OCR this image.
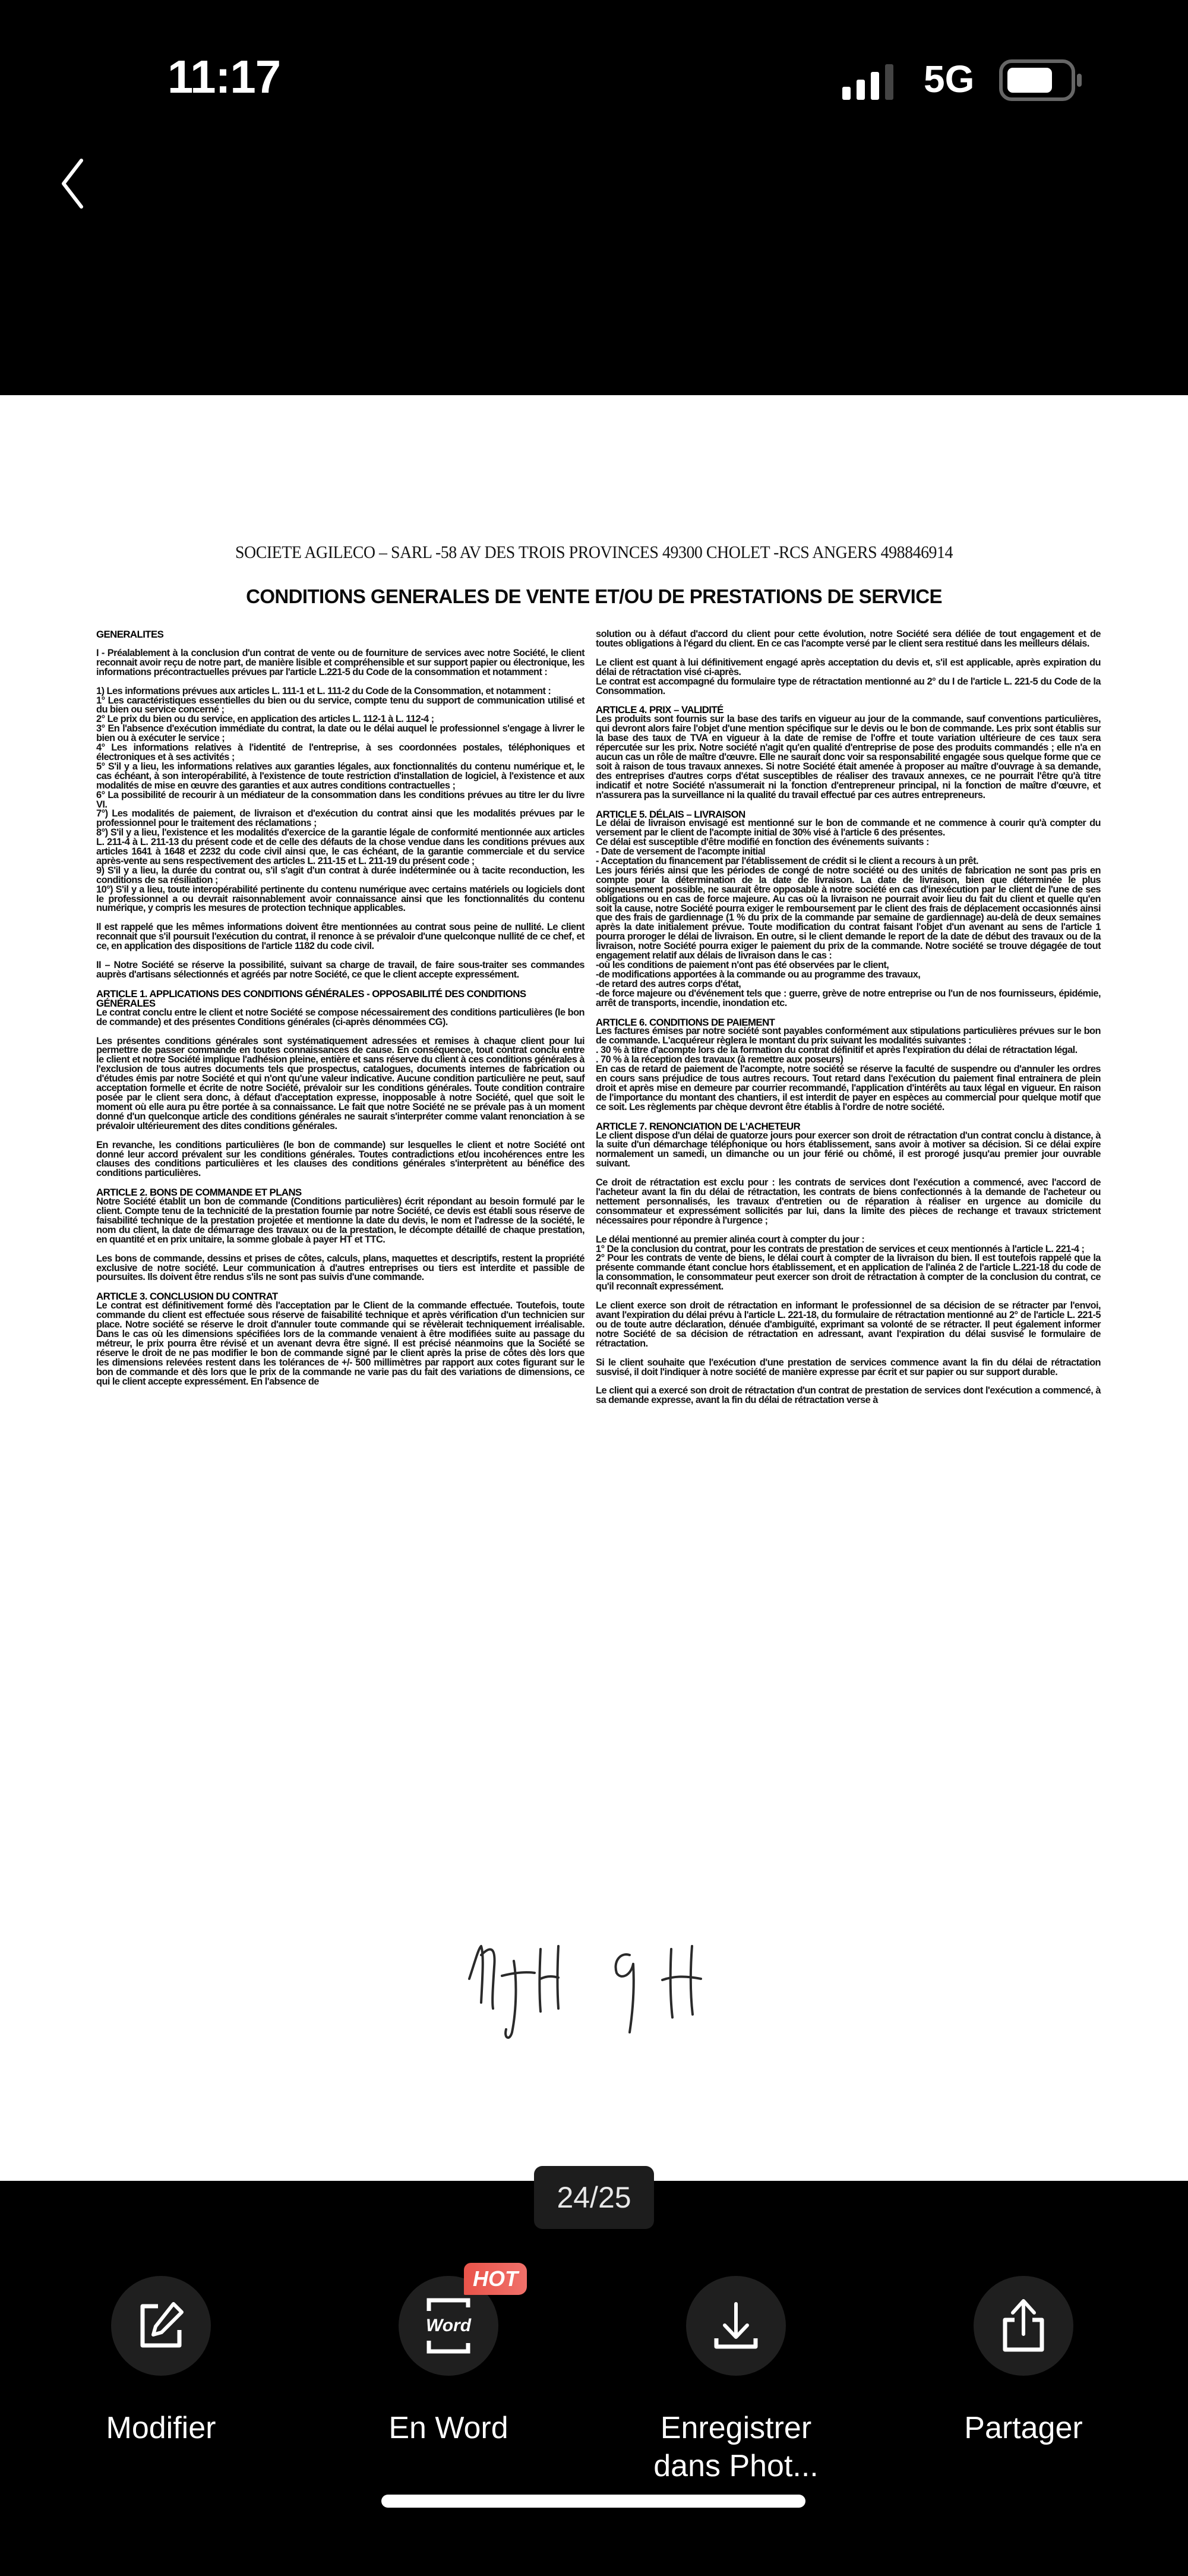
11:17	5G
SOCIETE AGILECO – SARL -58 AV DES TROIS PROVINCES 49300 CHOLET -RCS ANGERS 498846914
CONDITIONS GENERALES DE VENTE ET/OU DE PRESTATIONS DE SERVICE
GENERALITES
I - Préalablement à la conclusion d'un contrat de vente ou de fourniture de services avec notre Société, le client reconnait avoir reçu de notre part, de manière lisible et compréhensible et sur support papier ou électronique, les informations précontractuelles prévues par l'article L.221-5 du Code de la consommation et notamment :
1) Les informations prévues aux articles L. 111-1 et L. 111-2 du Code de la Consommation, et notamment :
1° Les caractéristiques essentielles du bien ou du service, compte tenu du support de communication utilisé et du bien ou service concerné ;
2° Le prix du bien ou du service, en application des articles L. 112-1 à L. 112-4 ;
3° En l'absence d'exécution immédiate du contrat, la date ou le délai auquel le professionnel s'engage à livrer le bien ou à exécuter le service ;
4° Les informations relatives à l'identité de l'entreprise, à ses coordonnées postales, téléphoniques et électroniques et à ses activités ;
5° S'il y a lieu, les informations relatives aux garanties légales, aux fonctionnalités du contenu numérique et, le cas échéant, à son interopérabilité, à l'existence de toute restriction d'installation de logiciel, à l'existence et aux modalités de mise en œuvre des garanties et aux autres conditions contractuelles ;
6° La possibilité de recourir à un médiateur de la consommation dans les conditions prévues au titre Ier du livre VI.
7°) Les modalités de paiement, de livraison et d'exécution du contrat ainsi que les modalités prévues par le professionnel pour le traitement des réclamations ;
8°) S'il y a lieu, l'existence et les modalités d'exercice de la garantie légale de conformité mentionnée aux articles L. 211-4 à L. 211-13 du présent code et de celle des défauts de la chose vendue dans les conditions prévues aux articles 1641 à 1648 et 2232 du code civil ainsi que, le cas échéant, de la garantie commerciale et du service après-vente au sens respectivement des articles L. 211-15 et L. 211-19 du présent code ;
9) S'il y a lieu, la durée du contrat ou, s'il s'agit d'un contrat à durée indéterminée ou à tacite reconduction, les conditions de sa résiliation ;
10°) S'il y a lieu, toute interopérabilité pertinente du contenu numérique avec certains matériels ou logiciels dont le professionnel a ou devrait raisonnablement avoir connaissance ainsi que les fonctionnalités du contenu numérique, y compris les mesures de protection technique applicables.
Il est rappelé que les mêmes informations doivent être mentionnées au contrat sous peine de nullité. Le client reconnait que s'il poursuit l'exécution du contrat, il renonce à se prévaloir d'une quelconque nullité de ce chef, et ce, en application des dispositions de l'article 1182 du code civil.
II – Notre Société se réserve la possibilité, suivant sa charge de travail, de faire sous-traiter ses commandes auprès d'artisans sélectionnés et agréés par notre Société, ce que le client accepte expressément.
ARTICLE 1. APPLICATIONS DES CONDITIONS GÉNÉRALES - OPPOSABILITÉ DES CONDITIONS GÉNÉRALES
Le contrat conclu entre le client et notre Société se compose nécessairement des conditions particulières (le bon de commande) et des présentes Conditions générales (ci-après dénommées CG).
Les présentes conditions générales sont systématiquement adressées et remises à chaque client pour lui permettre de passer commande en toutes connaissances de cause. En conséquence, tout contrat conclu entre le client et notre Société implique l'adhésion pleine, entière et sans réserve du client à ces conditions générales à l'exclusion de tous autres documents tels que prospectus, catalogues, documents internes de fabrication ou d'études émis par notre Société et qui n'ont qu'une valeur indicative. Aucune condition particulière ne peut, sauf acceptation formelle et écrite de notre Société, prévaloir sur les conditions générales. Toute condition contraire posée par le client sera donc, à défaut d'acceptation expresse, inopposable à notre Société, quel que soit le moment où elle aura pu être portée à sa connaissance. Le fait que notre Société ne se prévale pas à un moment donné d'un quelconque article des conditions générales ne saurait s'interpréter comme valant renonciation à se prévaloir ultérieurement des dites conditions générales.
En revanche, les conditions particulières (le bon de commande) sur lesquelles le client et notre Société ont donné leur accord prévalent sur les conditions générales. Toutes contradictions et/ou incohérences entre les clauses des conditions particulières et les clauses des conditions générales s'interprètent au bénéfice des conditions particulières.
ARTICLE 2. BONS DE COMMANDE ET PLANS
Notre Société établit un bon de commande (Conditions particulières) écrit répondant au besoin formulé par le client. Compte tenu de la technicité de la prestation fournie par notre Société, ce devis est établi sous réserve de faisabilité technique de la prestation projetée et mentionne la date du devis, le nom et l'adresse de la société, le nom du client, la date de démarrage des travaux ou de la prestation, le décompte détaillé de chaque prestation, en quantité et en prix unitaire, la somme globale à payer HT et TTC.
Les bons de commande, dessins et prises de côtes, calculs, plans, maquettes et descriptifs, restent la propriété exclusive de notre société. Leur communication à d'autres entreprises ou tiers est interdite et passible de poursuites. Ils doivent être rendus s'ils ne sont pas suivis d'une commande.
ARTICLE 3. CONCLUSION DU CONTRAT
Le contrat est définitivement formé dès l'acceptation par le Client de la commande effectuée. Toutefois, toute commande du client est effectuée sous réserve de faisabilité technique et après vérification d'un technicien sur place. Notre société se réserve le droit d'annuler toute commande qui se révèlerait techniquement irréalisable. Dans le cas où les dimensions spécifiées lors de la commande venaient à être modifiées suite au passage du métreur, le prix pourra être révisé et un avenant devra être signé. Il est précisé néanmoins que la Société se réserve le droit de ne pas modifier le bon de commande signé par le client après la prise de côtes dès lors que les dimensions relevées restent dans les tolérances de +/- 500 millimètres par rapport aux cotes figurant sur le bon de commande et dès lors que le prix de la commande ne varie pas du fait des variations de dimensions, ce qui le client accepte expressément. En l'absence de
solution ou à défaut d'accord du client pour cette évolution, notre Société sera déliée de tout engagement et de toutes obligations à l'égard du client. En ce cas l'acompte versé par le client sera restitué dans les meilleurs délais.
Le client est quant à lui définitivement engagé après acceptation du devis et, s'il est applicable, après expiration du délai de rétractation visé ci-après.
Le contrat est accompagné du formulaire type de rétractation mentionné au 2° du I de l'article L. 221-5 du Code de la Consommation.
ARTICLE 4. PRIX – VALIDITÉ
Les produits sont fournis sur la base des tarifs en vigueur au jour de la commande, sauf conventions particulières, qui devront alors faire l'objet d'une mention spécifique sur le devis ou le bon de commande. Les prix sont établis sur la base des taux de TVA en vigueur à la date de remise de l'offre et toute variation ultérieure de ces taux sera répercutée sur les prix. Notre société n'agit qu'en qualité d'entreprise de pose des produits commandés ; elle n'a en aucun cas un rôle de maître d'œuvre. Elle ne saurait donc voir sa responsabilité engagée sous quelque forme que ce soit à raison de tous travaux annexes. Si notre Société était amenée à proposer au maître d'ouvrage à sa demande, des entreprises d'autres corps d'état susceptibles de réaliser des travaux annexes, ce ne pourrait l'être qu'à titre indicatif et notre Société n'assumerait ni la fonction d'entrepreneur principal, ni la fonction de maître d'œuvre, et n'assurera pas la surveillance ni la qualité du travail effectué par ces autres entrepreneurs.
ARTICLE 5. DÉLAIS – LIVRAISON
Le délai de livraison envisagé est mentionné sur le bon de commande et ne commence à courir qu'à compter du versement par le client de l'acompte initial de 30% visé à l'article 6 des présentes.
Ce délai est susceptible d'être modifié en fonction des événements suivants :
- Date de versement de l'acompte initial
- Acceptation du financement par l'établissement de crédit si le client a recours à un prêt.
Les jours fériés ainsi que les périodes de congé de notre société ou des unités de fabrication ne sont pas pris en compte pour la détermination de la date de livraison. La date de livraison, bien que déterminée le plus soigneusement possible, ne saurait être opposable à notre société en cas d'inexécution par le client de l'une de ses obligations ou en cas de force majeure. Au cas où la livraison ne pourrait avoir lieu du fait du client et quelle qu'en soit la cause, notre Société pourra exiger le remboursement par le client des frais de déplacement occasionnés ainsi que des frais de gardiennage (1 % du prix de la commande par semaine de gardiennage) au-delà de deux semaines après la date initialement prévue. Toute modification du contrat faisant l'objet d'un avenant au sens de l'article 1 pourra proroger le délai de livraison. En outre, si le client demande le report de la date de début des travaux ou de la livraison, notre Société pourra exiger le paiement du prix de la commande. Notre société se trouve dégagée de tout engagement relatif aux délais de livraison dans le cas :
-où les conditions de paiement n'ont pas été observées par le client,
-de modifications apportées à la commande ou au programme des travaux,
-de retard des autres corps d'état,
-de force majeure ou d'événement tels que : guerre, grève de notre entreprise ou l'un de nos fournisseurs, épidémie, arrêt de transports, incendie, inondation etc.
ARTICLE 6. CONDITIONS DE PAIEMENT
Les factures émises par notre société sont payables conformément aux stipulations particulières prévues sur le bon de commande. L'acquéreur règlera le montant du prix suivant les modalités suivantes :
. 30 % à titre d'acompte lors de la formation du contrat définitif et après l'expiration du délai de rétractation légal.
. 70 % à la réception des travaux (à remettre aux poseurs)
En cas de retard de paiement de l'acompte, notre société se réserve la faculté de suspendre ou d'annuler les ordres en cours sans préjudice de tous autres recours. Tout retard dans l'exécution du paiement final entrainera de plein droit et après mise en demeure par courrier recommandé, l'application d'intérêts au taux légal en vigueur. En raison de l'importance du montant des chantiers, il est interdit de payer en espèces au commercial pour quelque motif que ce soit. Les règlements par chèque devront être établis à l'ordre de notre société.
ARTICLE 7. RENONCIATION DE L'ACHETEUR
Le client dispose d'un délai de quatorze jours pour exercer son droit de rétractation d'un contrat conclu à distance, à la suite d'un démarchage téléphonique ou hors établissement, sans avoir à motiver sa décision. Si ce délai expire normalement un samedi, un dimanche ou un jour férié ou chômé, il est prorogé jusqu'au premier jour ouvrable suivant.
Ce droit de rétractation est exclu pour : les contrats de services dont l'exécution a commencé, avec l'accord de l'acheteur avant la fin du délai de rétractation, les contrats de biens confectionnés à la demande de l'acheteur ou nettement personnalisés, les travaux d'entretien ou de réparation à réaliser en urgence au domicile du consommateur et expressément sollicités par lui, dans la limite des pièces de rechange et travaux strictement nécessaires pour répondre à l'urgence ;
Le délai mentionné au premier alinéa court à compter du jour :
1° De la conclusion du contrat, pour les contrats de prestation de services et ceux mentionnés à l'article L. 221-4 ;
2° Pour les contrats de vente de biens, le délai court à compter de la livraison du bien. Il est toutefois rappelé que la présente commande étant conclue hors établissement, et en application de l'alinéa 2 de l'article L.221-18 du code de la consommation, le consommateur peut exercer son droit de rétractation à compter de la conclusion du contrat, ce qu'il reconnaît expressément.
Le client exerce son droit de rétractation en informant le professionnel de sa décision de se rétracter par l'envoi, avant l'expiration du délai prévu à l'article L. 221-18, du formulaire de rétractation mentionné au 2° de l'article L. 221-5 ou de toute autre déclaration, dénuée d'ambiguïté, exprimant sa volonté de se rétracter. Il peut également informer notre Société de sa décision de rétractation en adressant, avant l'expiration du délai susvisé le formulaire de rétractation.
Si le client souhaite que l'exécution d'une prestation de services commence avant la fin du délai de rétractation susvisé, il doit l'indiquer à notre société de manière expresse par écrit et sur papier ou sur support durable.
Le client qui a exercé son droit de rétractation d'un contrat de prestation de services dont l'exécution a commencé, à sa demande expresse, avant la fin du délai de rétractation verse à
24/25
Modifier
Word
HOT
En Word	Enregistrer
dans Phot...
Partager
